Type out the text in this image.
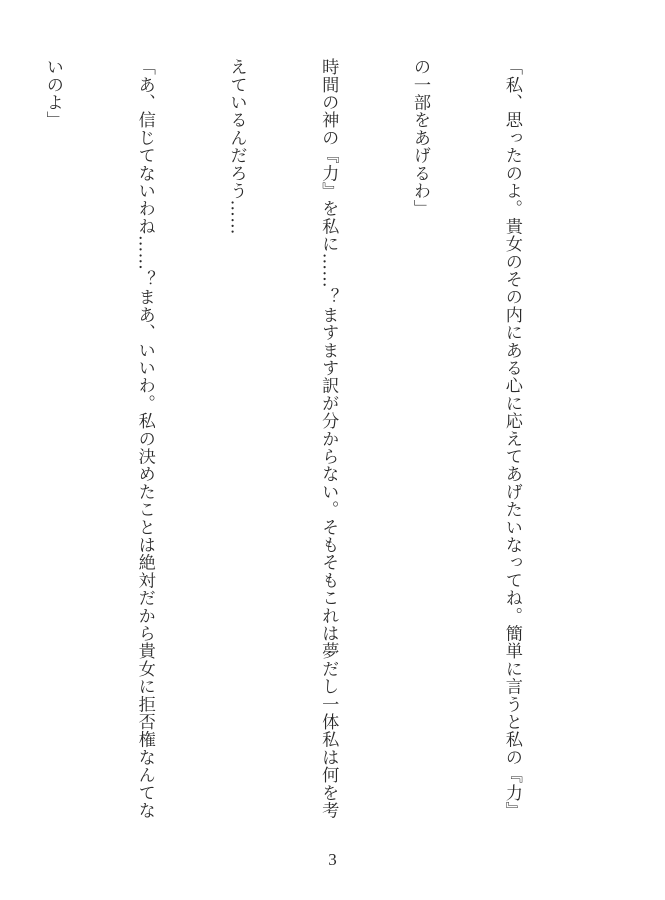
「私、思ったのよ。貴女のその内にある心に応えてあげたいなってね。簡単に言うと私の『力』

の一部をあげるわ」

時間の神の『力』を私に……？ますます訳が分からない。そもそもこれは夢だし一体私は何を考

えているんだろう……

「あ、信じてないわね……？まあ、いいわ。私の決めたことは絶対だから貴女に拒否権なんてな

いのよ」

3
